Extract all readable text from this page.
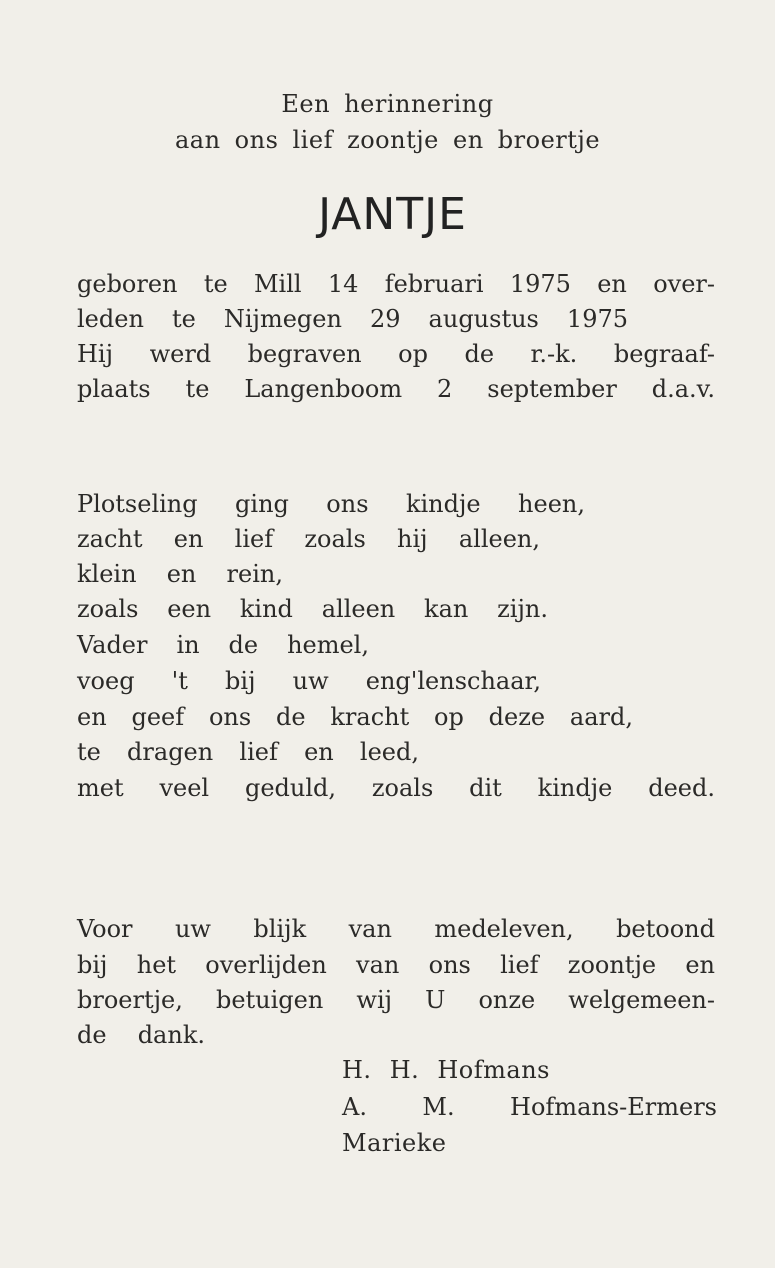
Een herinnering
aan ons lief zoontje en broertje
JANTJE
geboren te Mill 14 februari 1975 en over-
leden te Nijmegen 29 augustus 1975
Hij werd begraven op de r.-k. begraaf-
plaats te Langenboom 2 september d.a.v.
Plotseling ging ons kindje heen,
zacht en lief zoals hij alleen,
klein en rein,
zoals een kind alleen kan zijn.
Vader in de hemel,
voeg 't bij uw eng'lenschaar,
en geef ons de kracht op deze aard,
te dragen lief en leed,
met veel geduld, zoals dit kindje deed.
Voor uw blijk van medeleven, betoond
bij het overlijden van ons lief zoontje en
broertje, betuigen wij U onze welgemeen-
de dank.
H. H. Hofmans
A. M. Hofmans-Ermers
Marieke
